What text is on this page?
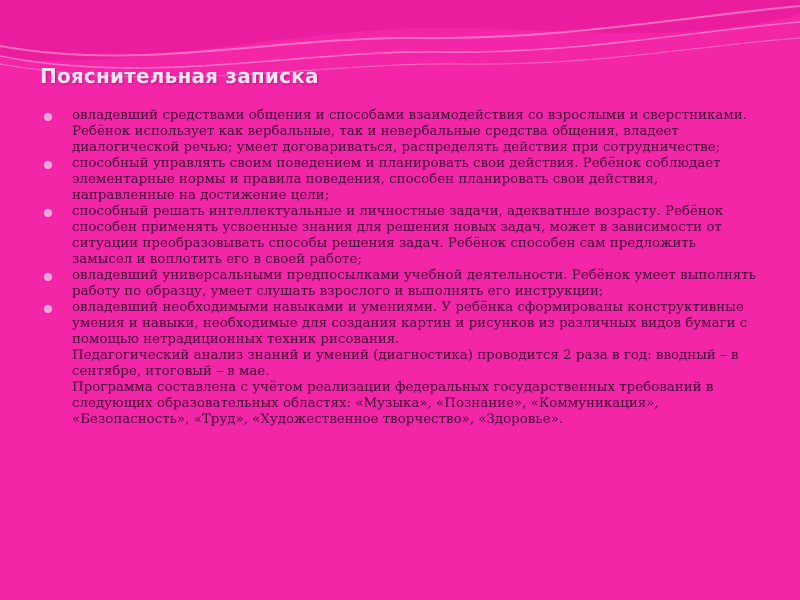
Пояснительная записка
овладевший средствами общения и способами взаимодействия со взрослыми и сверстниками. Ребёнок использует как вербальные, так и невербальные средства общения, владеет диалогической речью; умеет договариваться, распределять действия при сотрудничестве;
способный управлять своим поведением и планировать свои действия. Ребёнок соблюдает элементарные нормы и правила поведения, способен планировать свои действия, направленные на достижение цели;
способный решать интеллектуальные и личностные задачи, адекватные возрасту. Ребёнок способен применять усвоенные знания для решения новых задач, может в зависимости от ситуации преобразовывать способы решения задач. Ребёнок способен сам предложить замысел и воплотить его в своей работе;
овладевший универсальными предпосылками учебной деятельности. Ребёнок умеет выполнять работу по образцу, умеет слушать взрослого и выполнять его инструкции;
овладевший необходимыми навыками и умениями. У ребёнка сформированы конструктивные умения и навыки, необходимые для создания картин и рисунков из различных видов бумаги с помощью нетрадиционных техник рисования.

Педагогический анализ знаний и умений (диагностика) проводится 2 раза в год: вводный – в сентябре, итоговый – в мае.

Программа составлена с учётом реализации федеральных государственных требований в следующих образовательных областях: «Музыка», «Познание», «Коммуникация», «Безопасность», «Труд», «Художественное творчество», «Здоровье».
